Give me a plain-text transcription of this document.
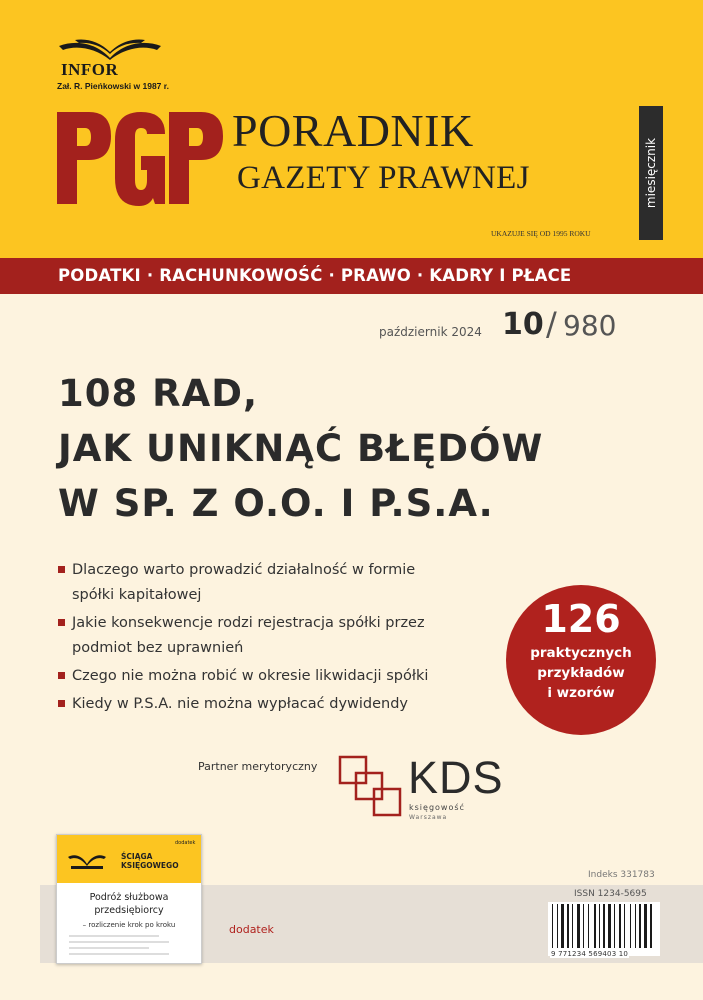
INFOR
Zał. R. Pieńkowski w 1987 r.
PORADNIK
GAZETY PRAWNEJ
UKAZUJE SIĘ OD 1995 ROKU
miesięcznik
PODATKI · RACHUNKOWOŚĆ · PRAWO · KADRY I PŁACE
październik 2024 10 / 980
108 RAD,
JAK UNIKNĄĆ BŁĘDÓW
W SP. Z O.O. I P.S.A.
Dlaczego warto prowadzić działalność w formie spółki kapitałowej
Jakie konsekwencje rodzi rejestracja spółki przez podmiot bez uprawnień
Czego nie można robić w okresie likwidacji spółki
Kiedy w P.S.A. nie można wypłacać dywidendy
126
praktycznych
przykładów
i wzorów
Partner merytoryczny KDS
księgowość
Warszawa
dodatek
dodatek
ŚCIĄGA KSIĘGOWEGO
Podróż służbowa przedsiębiorcy
– rozliczenie krok po kroku
Indeks 331783
ISSN 1234-5695
9 771234 569403 10
